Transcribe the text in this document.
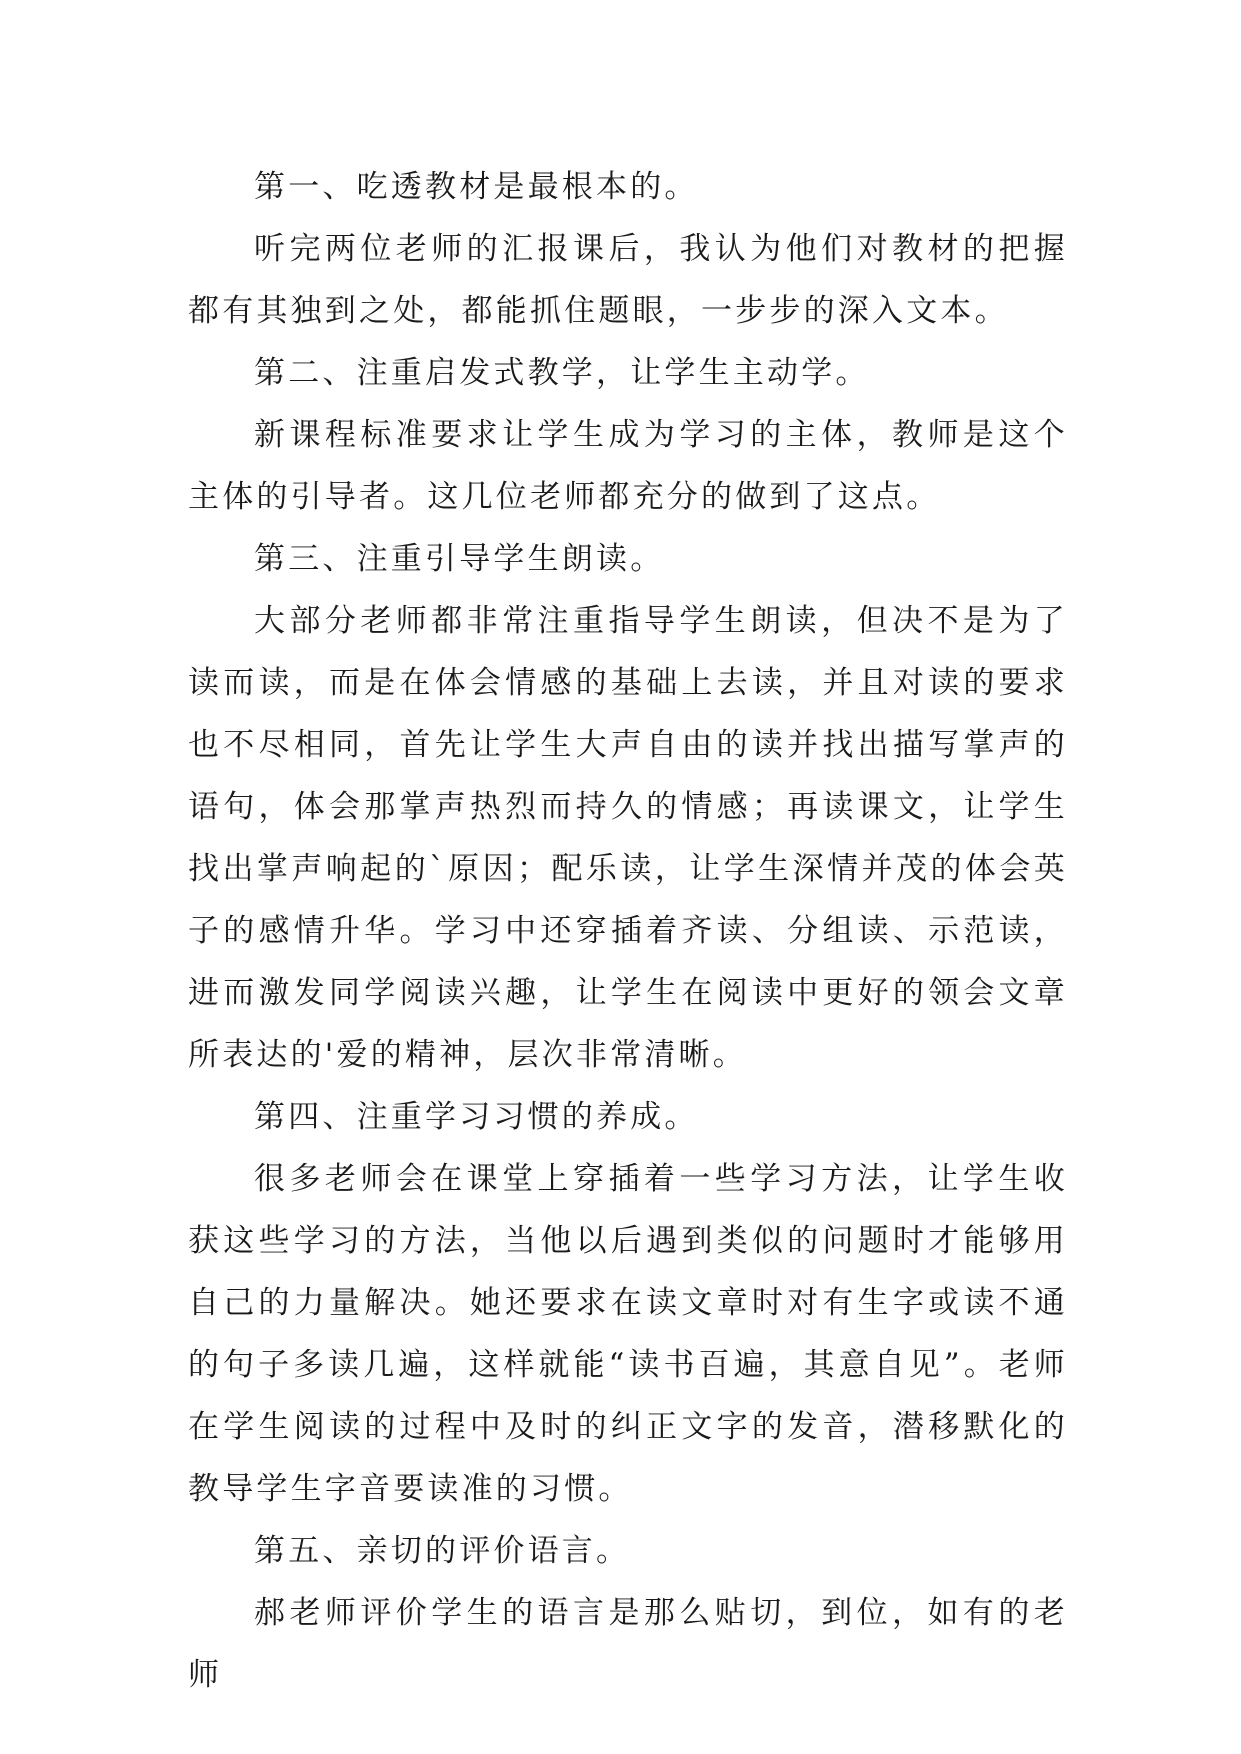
第一、吃透教材是最根本的。

听完两位老师的汇报课后，我认为他们对教材的把握都有其独到之处，都能抓住题眼，一步步的深入文本。

第二、注重启发式教学，让学生主动学。

新课程标准要求让学生成为学习的主体，教师是这个主体的引导者。这几位老师都充分的做到了这点。

第三、注重引导学生朗读。

大部分老师都非常注重指导学生朗读，但决不是为了读而读，而是在体会情感的基础上去读，并且对读的要求也不尽相同，首先让学生大声自由的读并找出描写掌声的语句，体会那掌声热烈而持久的情感；再读课文，让学生找出掌声响起的`原因；配乐读，让学生深情并茂的体会英子的感情升华。学习中还穿插着齐读、分组读、示范读，进而激发同学阅读兴趣，让学生在阅读中更好的领会文章所表达的'爱的精神，层次非常清晰。

第四、注重学习习惯的养成。

很多老师会在课堂上穿插着一些学习方法，让学生收获这些学习的方法，当他以后遇到类似的问题时才能够用自己的力量解决。她还要求在读文章时对有生字或读不通的句子多读几遍，这样就能“读书百遍，其意自见”。老师在学生阅读的过程中及时的纠正文字的发音，潜移默化的教导学生字音要读准的习惯。

第五、亲切的评价语言。

郝老师评价学生的语言是那么贴切，到位，如有的老师
